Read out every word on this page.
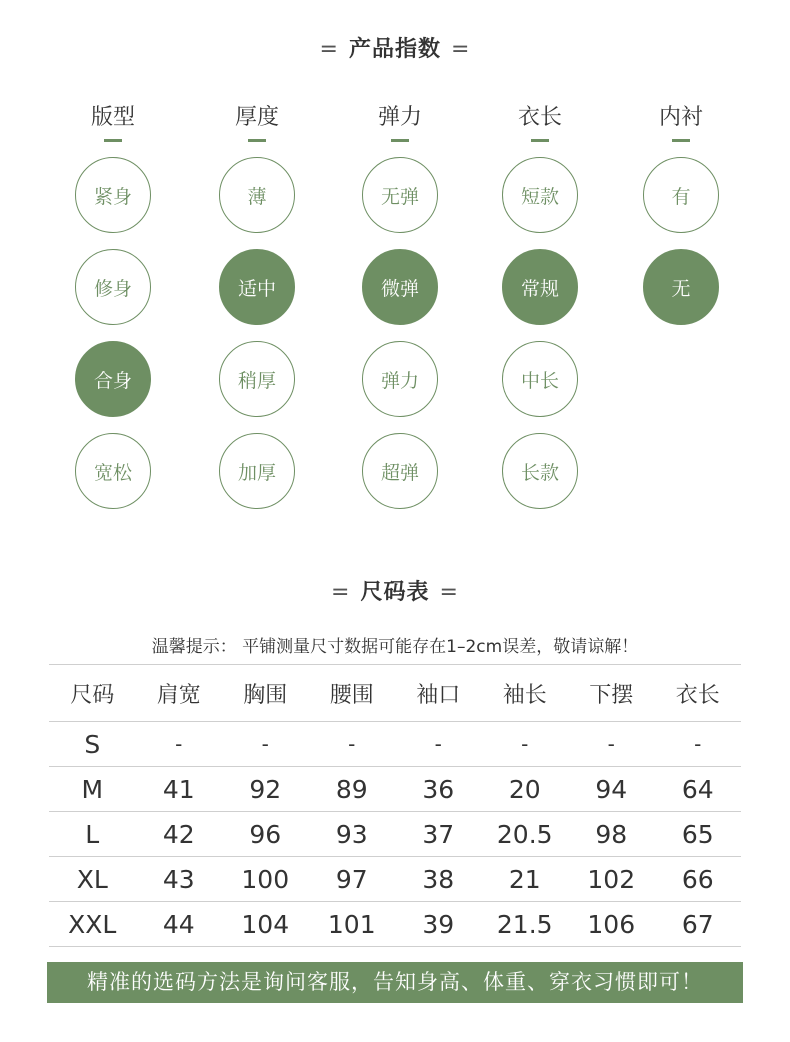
= 产品指数 =
版型
紧身
修身
合身
宽松
厚度
薄
适中
稍厚
加厚
弹力
无弹
微弹
弹力
超弹
衣长
短款
常规
中长
长款
内衬
有
无
= 尺码表 =
温馨提示： 平铺测量尺寸数据可能存在1–2cm误差，敬请谅解！
尺码	肩宽	胸围	腰围	袖口	袖长	下摆	衣长
S	-	-	-	-	-	-	-
M	41	92	89	36	20	94	64
L	42	96	93	37	20.5	98	65
XL	43	100	97	38	21	102	66
XXL	44	104	101	39	21.5	106	67
精准的选码方法是询问客服，告知身高、体重、穿衣习惯即可！
